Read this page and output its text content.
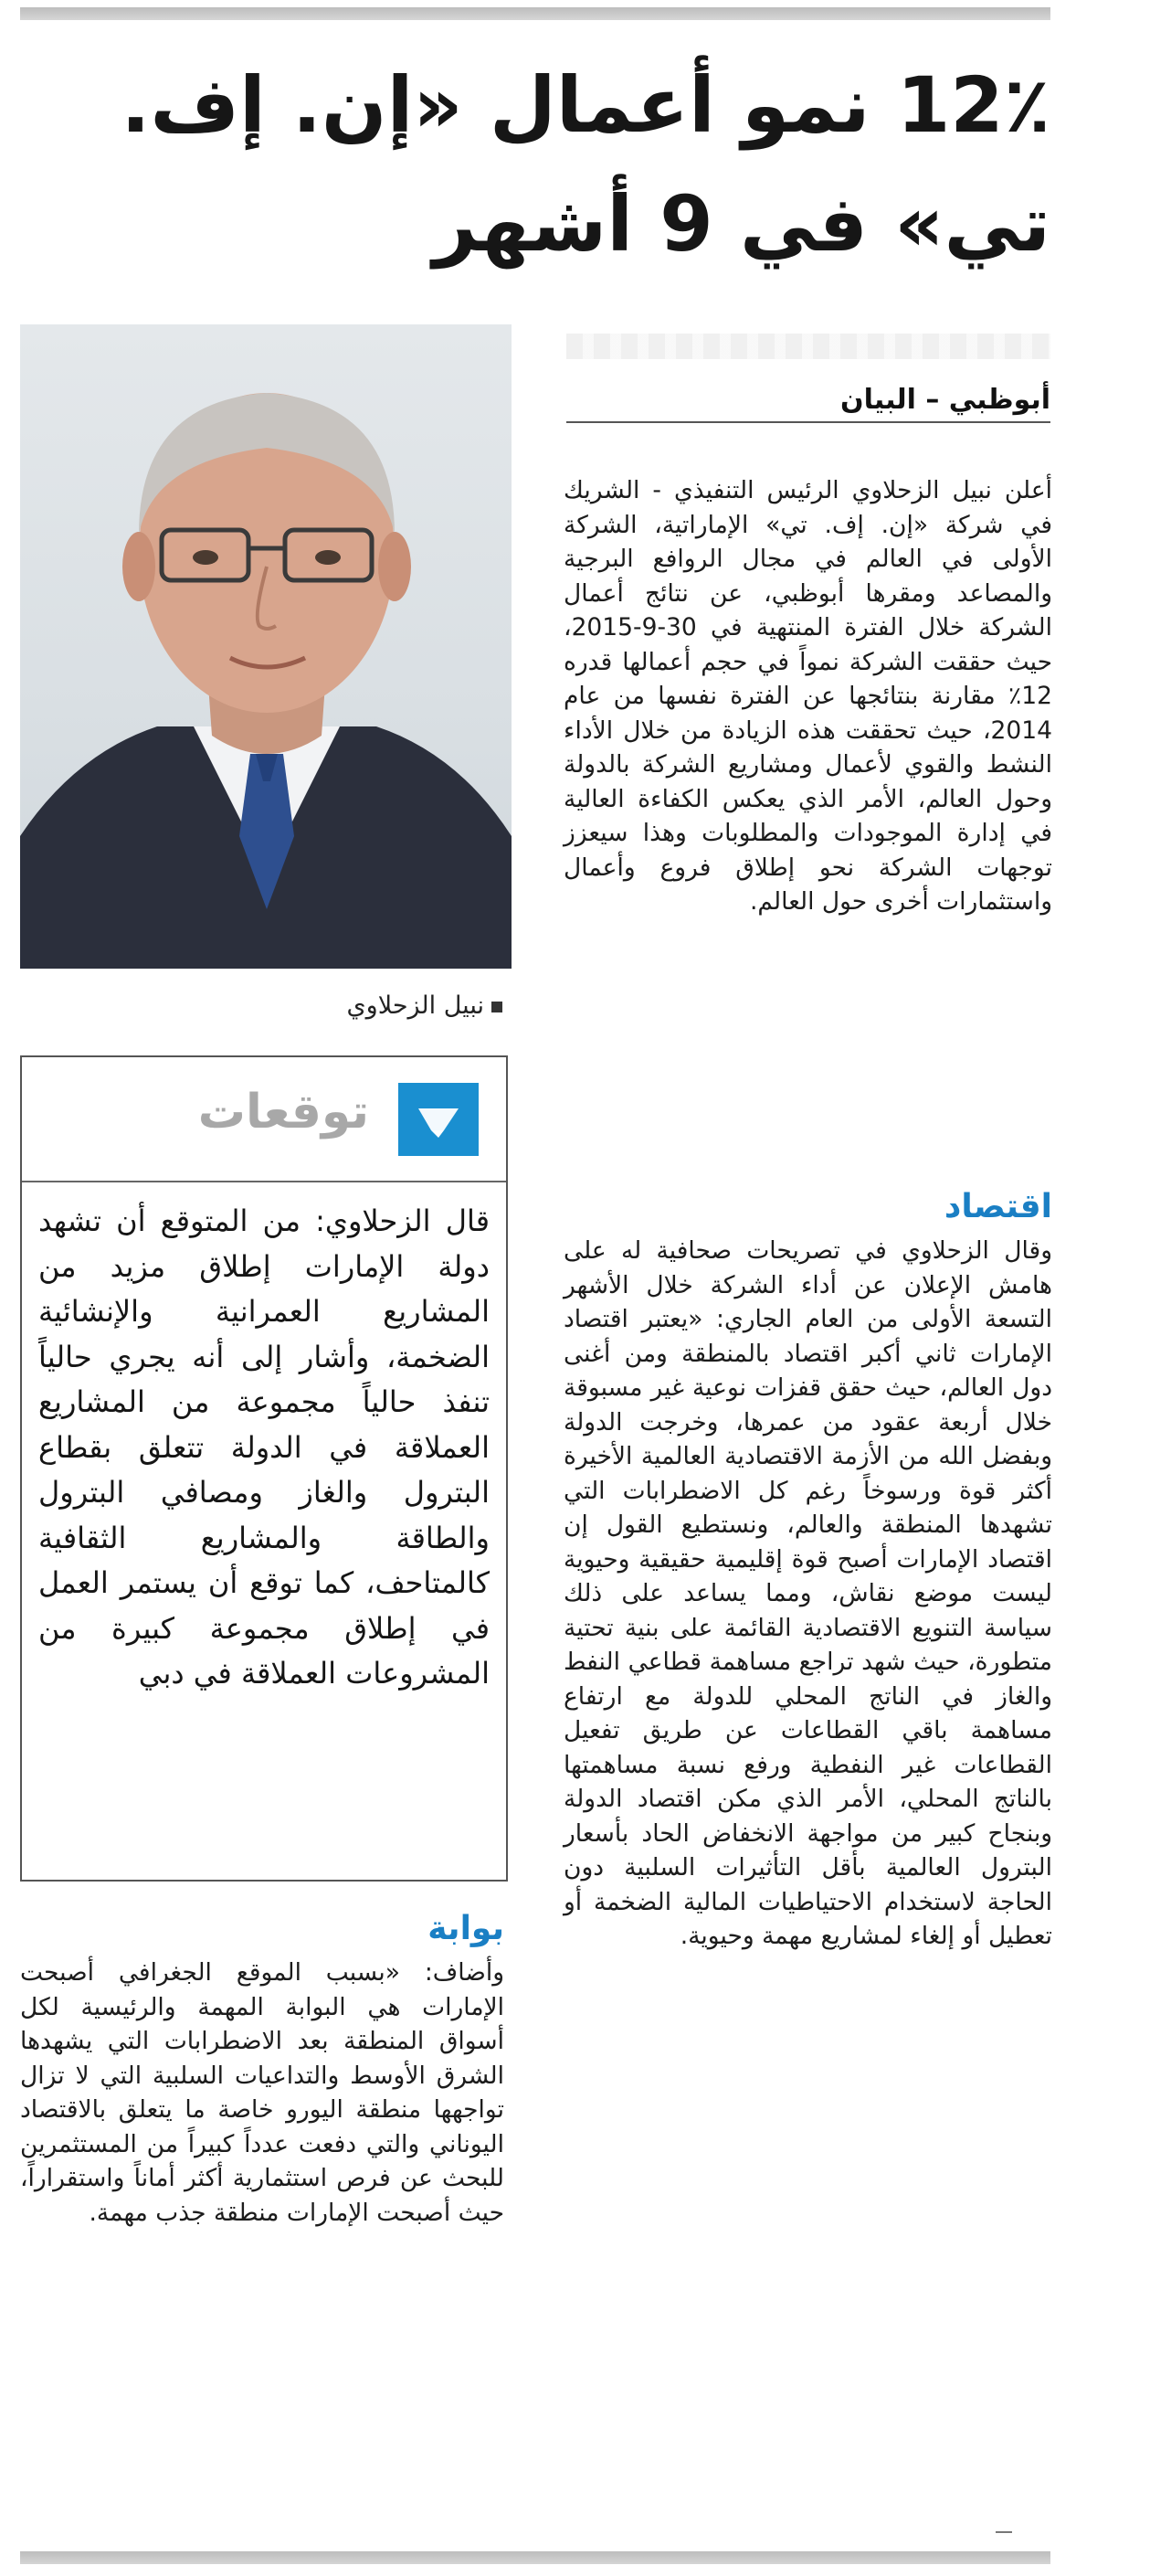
12٪ نمو أعمال «إن. إف. تي» في 9 أشهر
نبيل الزحلاوي
أبوظبي – البيان

أعلن نبيل الزحلاوي الرئيس التنفيذي - الشريك في شركة «إن. إف. تي» الإماراتية، الشركة الأولى في العالم في مجال الروافع البرجية والمصاعد ومقرها أبوظبي، عن نتائج أعمال الشركة خلال الفترة المنتهية في 30-9-2015، حيث حققت الشركة نمواً في حجم أعمالها قدره 12٪ مقارنة بنتائجها عن الفترة نفسها من عام 2014، حيث تحققت هذه الزيادة من خلال الأداء النشط والقوي لأعمال ومشاريع الشركة بالدولة وحول العالم، الأمر الذي يعكس الكفاءة العالية في إدارة الموجودات والمطلوبات وهذا سيعزز توجهات الشركة نحو إطلاق فروع وأعمال واستثمارات أخرى حول العالم.

اقتصاد

وقال الزحلاوي في تصريحات صحافية له على هامش الإعلان عن أداء الشركة خلال الأشهر التسعة الأولى من العام الجاري: «يعتبر اقتصاد الإمارات ثاني أكبر اقتصاد بالمنطقة ومن أغنى دول العالم، حيث حقق قفزات نوعية غير مسبوقة خلال أربعة عقود من عمرها، وخرجت الدولة وبفضل الله من الأزمة الاقتصادية العالمية الأخيرة أكثر قوة ورسوخاً رغم كل الاضطرابات التي تشهدها المنطقة والعالم، ونستطيع القول إن اقتصاد الإمارات أصبح قوة إقليمية حقيقية وحيوية ليست موضع نقاش، ومما يساعد على ذلك سياسة التنويع الاقتصادية القائمة على بنية تحتية متطورة، حيث شهد تراجع مساهمة قطاعي النفط والغاز في الناتج المحلي للدولة مع ارتفاع مساهمة باقي القطاعات عن طريق تفعيل القطاعات غير النفطية ورفع نسبة مساهمتها بالناتج المحلي، الأمر الذي مكن اقتصاد الدولة وبنجاح كبير من مواجهة الانخفاض الحاد بأسعار البترول العالمية بأقل التأثيرات السلبية دون الحاجة لاستخدام الاحتياطيات المالية الضخمة أو تعطيل أو إلغاء لمشاريع مهمة وحيوية.

توقعات
قال الزحلاوي: من المتوقع أن تشهد دولة الإمارات إطلاق مزيد من المشاريع العمرانية والإنشائية الضخمة، وأشار إلى أنه يجري حالياً تنفذ حالياً مجموعة من المشاريع العملاقة في الدولة تتعلق بقطاع البترول والغاز ومصافي البترول والطاقة والمشاريع الثقافية كالمتاحف، كما توقع أن يستمر العمل في إطلاق مجموعة كبيرة من المشروعات العملاقة في دبي
بوابة

وأضاف: «بسبب الموقع الجغرافي أصبحت الإمارات هي البوابة المهمة والرئيسية لكل أسواق المنطقة بعد الاضطرابات التي يشهدها الشرق الأوسط والتداعيات السلبية التي لا تزال تواجهها منطقة اليورو خاصة ما يتعلق بالاقتصاد اليوناني والتي دفعت عدداً كبيراً من المستثمرين للبحث عن فرص استثمارية أكثر أماناً واستقراراً، حيث أصبحت الإمارات منطقة جذب مهمة.
